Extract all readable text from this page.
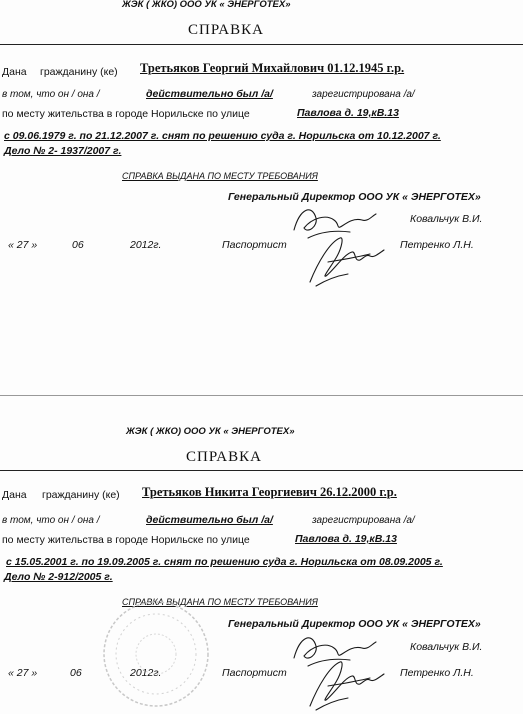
ЖЭК ( ЖКО) ООО УК « ЭНЕРГОТЕХ»
СПРАВКА
Дана гражданину (ке) Третьяков Георгий Михайлович 01.12.1945 г.р.
в том, что он / она /	действительно был /а/	зарегистрирована /а/
по месту жительства в городе Норильске по улице	Павлова д. 19,кВ.13
с 09.06.1979 г. по 21.12.2007 г. снят по решению суда г. Норильска от 10.12.2007 г.
Дело № 2- 1937/2007 г.
СПРАВКА ВЫДАНА ПО МЕСТУ ТРЕБОВАНИЯ
Генеральный Директор ООО УК « ЭНЕРГОТЕХ»
Ковальчук В.И.
« 27 »	06	2012г.	Паспортист	Петренко Л.Н.
ЖЭК ( ЖКО) ООО УК « ЭНЕРГОТЕХ»
СПРАВКА
Дана гражданину (ке) Третьяков Никита Георгиевич 26.12.2000 г.р.
в том, что он / она /	действительно был /а/	зарегистрирована /а/
по месту жительства в городе Норильске по улице	Павлова д. 19,кВ.13
с 15.05.2001 г. по 19.09.2005 г. снят по решению суда г. Норильска от 08.09.2005 г.
Дело № 2-912/2005 г.
СПРАВКА ВЫДАНА ПО МЕСТУ ТРЕБОВАНИЯ
Генеральный Директор ООО УК « ЭНЕРГОТЕХ»
Ковальчук В.И.
« 27 »	06	2012г.	Паспортист	Петренко Л.Н.
